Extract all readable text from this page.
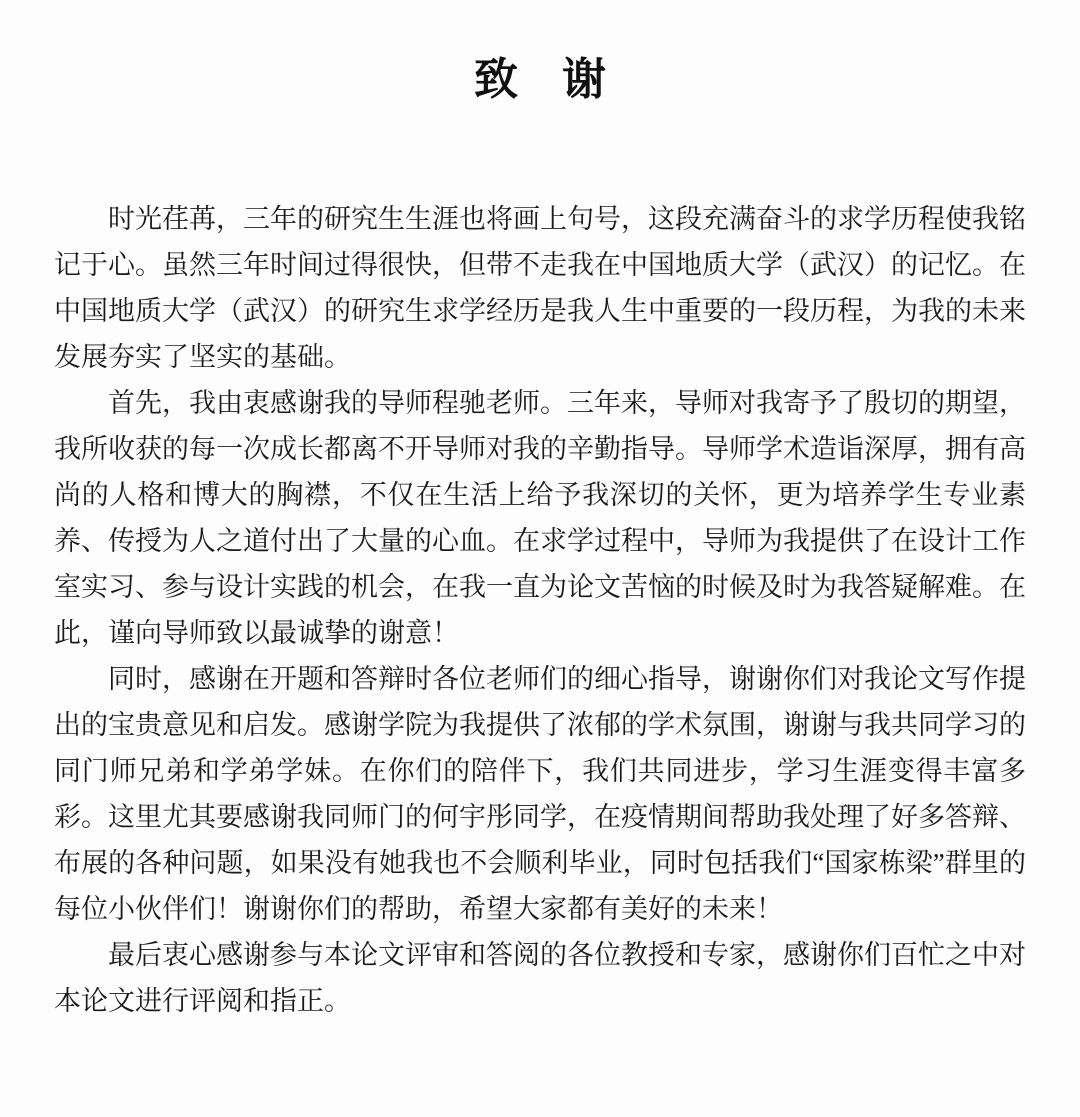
致　谢

时光荏苒，三年的研究生生涯也将画上句号，这段充满奋斗的求学历程使我铭记于心。虽然三年时间过得很快，但带不走我在中国地质大学（武汉）的记忆。在中国地质大学（武汉）的研究生求学经历是我人生中重要的一段历程，为我的未来发展夯实了坚实的基础。

首先，我由衷感谢我的导师程驰老师。三年来，导师对我寄予了殷切的期望，我所收获的每一次成长都离不开导师对我的辛勤指导。导师学术造诣深厚，拥有高尚的人格和博大的胸襟，不仅在生活上给予我深切的关怀，更为培养学生专业素养、传授为人之道付出了大量的心血。在求学过程中，导师为我提供了在设计工作室实习、参与设计实践的机会，在我一直为论文苦恼的时候及时为我答疑解难。在此，谨向导师致以最诚挚的谢意！

同时，感谢在开题和答辩时各位老师们的细心指导，谢谢你们对我论文写作提出的宝贵意见和启发。感谢学院为我提供了浓郁的学术氛围，谢谢与我共同学习的同门师兄弟和学弟学妹。在你们的陪伴下，我们共同进步，学习生涯变得丰富多彩。这里尤其要感谢我同师门的何宇彤同学，在疫情期间帮助我处理了好多答辩、布展的各种问题，如果没有她我也不会顺利毕业，同时包括我们“国家栋梁”群里的每位小伙伴们！谢谢你们的帮助，希望大家都有美好的未来！

最后衷心感谢参与本论文评审和答阅的各位教授和专家，感谢你们百忙之中对本论文进行评阅和指正。
